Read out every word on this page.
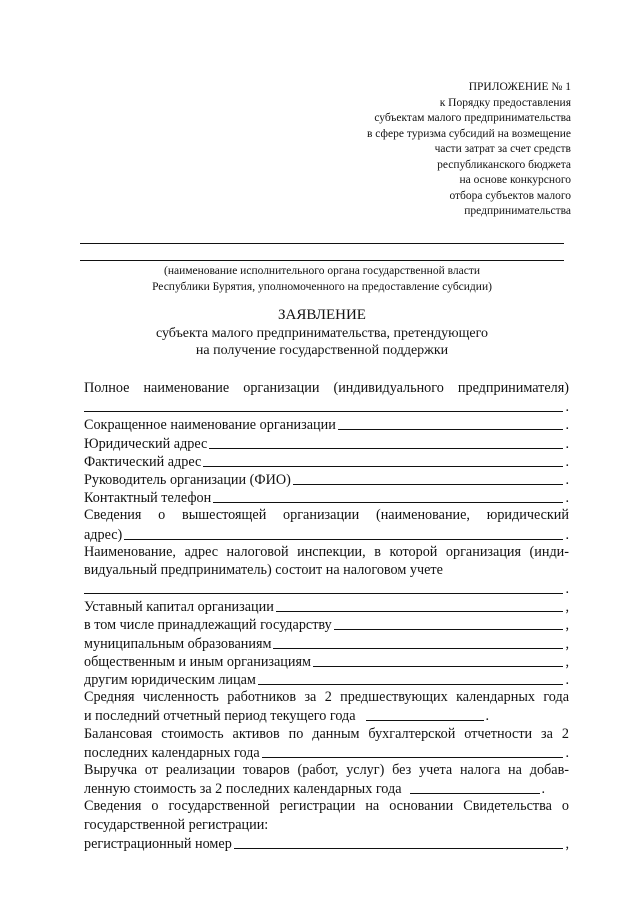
ПРИЛОЖЕНИЕ № 1
к Порядку предоставления
субъектам малого предпринимательства
в сфере туризма субсидий на возмещение
части затрат за счет средств
республиканского бюджета
на основе конкурсного
отбора субъектов малого
предпринимательства
(наименование исполнительного органа государственной власти
Республики Бурятия, уполномоченного на предоставление субсидии)
ЗАЯВЛЕНИЕ
субъекта малого предпринимательства, претендующего
на получение государственной поддержки
Полное наименование организации (индивидуального предпринимателя)
.
Сокращенное наименование организации	.
Юридический адрес	.
Фактический адрес	.
Руководитель организации (ФИО)	.
Контактный телефон	.
Сведения о вышестоящей организации (наименование, юридический
адрес)	.
Наименование, адрес налоговой инспекции, в которой организация (инди-
видуальный предприниматель) состоит на налоговом учете
.
Уставный капитал организации	,
в том числе принадлежащий государству	,
муниципальным образованиям	,
общественным и иным организациям	,
другим юридическим лицам	.
Средняя численность работников за 2 предшествующих календарных года
и последний отчетный период текущего года	.
Балансовая стоимость активов по данным бухгалтерской отчетности за 2
последних календарных года	.
Выручка от реализации товаров (работ, услуг) без учета налога на добав-
ленную стоимость за 2 последних календарных года	.
Сведения о государственной регистрации на основании Свидетельства о
государственной регистрации:
регистрационный номер	,
